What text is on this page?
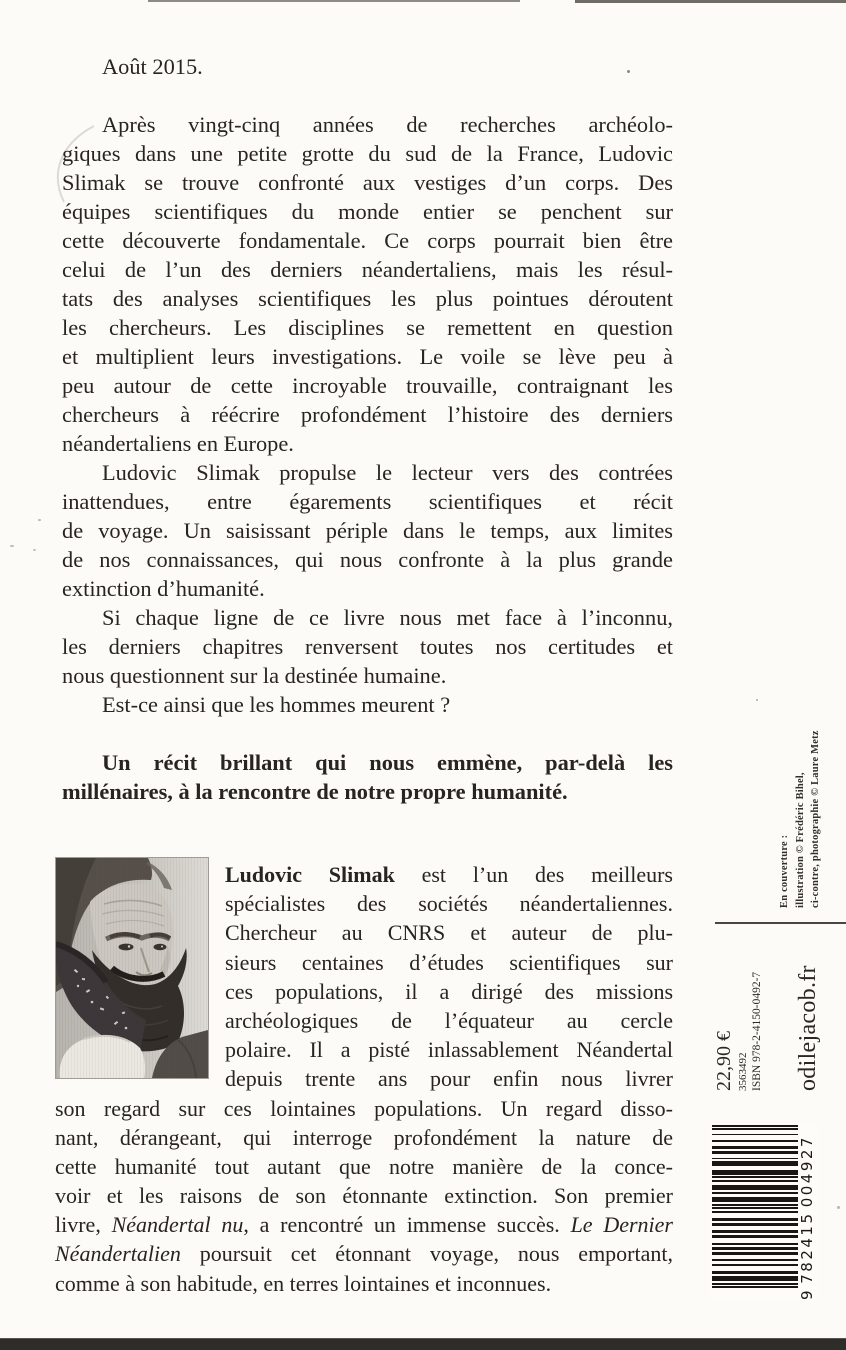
Août 2015.

Après vingt-cinq années de recherches archéolo-
giques dans une petite grotte du sud de la France, Ludovic
Slimak se trouve confronté aux vestiges d’un corps. Des
équipes scientifiques du monde entier se penchent sur
cette découverte fondamentale. Ce corps pourrait bien être
celui de l’un des derniers néandertaliens, mais les résul-
tats des analyses scientifiques les plus pointues déroutent
les chercheurs. Les disciplines se remettent en question
et multiplient leurs investigations. Le voile se lève peu à
peu autour de cette incroyable trouvaille, contraignant les
chercheurs à réécrire profondément l’histoire des derniers
néandertaliens en Europe.
Ludovic Slimak propulse le lecteur vers des contrées
inattendues, entre égarements scientifiques et récit
de voyage. Un saisissant périple dans le temps, aux limites
de nos connaissances, qui nous confronte à la plus grande
extinction d’humanité.
Si chaque ligne de ce livre nous met face à l’inconnu,
les derniers chapitres renversent toutes nos certitudes et
nous questionnent sur la destinée humaine.
Est-ce ainsi que les hommes meurent ?
Un récit brillant qui nous emmène, par-delà les
millénaires, à la rencontre de notre propre humanité.
Ludovic Slimak est l’un des meilleurs
spécialistes des sociétés néandertaliennes.
Chercheur au CNRS et auteur de plu-
sieurs centaines d’études scientifiques sur
ces populations, il a dirigé des missions
archéologiques de l’équateur au cercle
polaire. Il a pisté inlassablement Néandertal
depuis trente ans pour enfin nous livrer
son regard sur ces lointaines populations. Un regard disso-
nant, dérangeant, qui interroge profondément la nature de
cette humanité tout autant que notre manière de la conce-
voir et les raisons de son étonnante extinction. Son premier
livre, Néandertal nu, a rencontré un immense succès. Le Dernier
Néandertalien poursuit cet étonnant voyage, nous emportant,
comme à son habitude, en terres lointaines et inconnues.
En couverture : illustration © Frédéric Bihel, ci-contre, photographie © Laure Metz
22,90 € 3563492 ISBN 978-2-4150-0492-7 odilejacob.fr
9
782415
004927
